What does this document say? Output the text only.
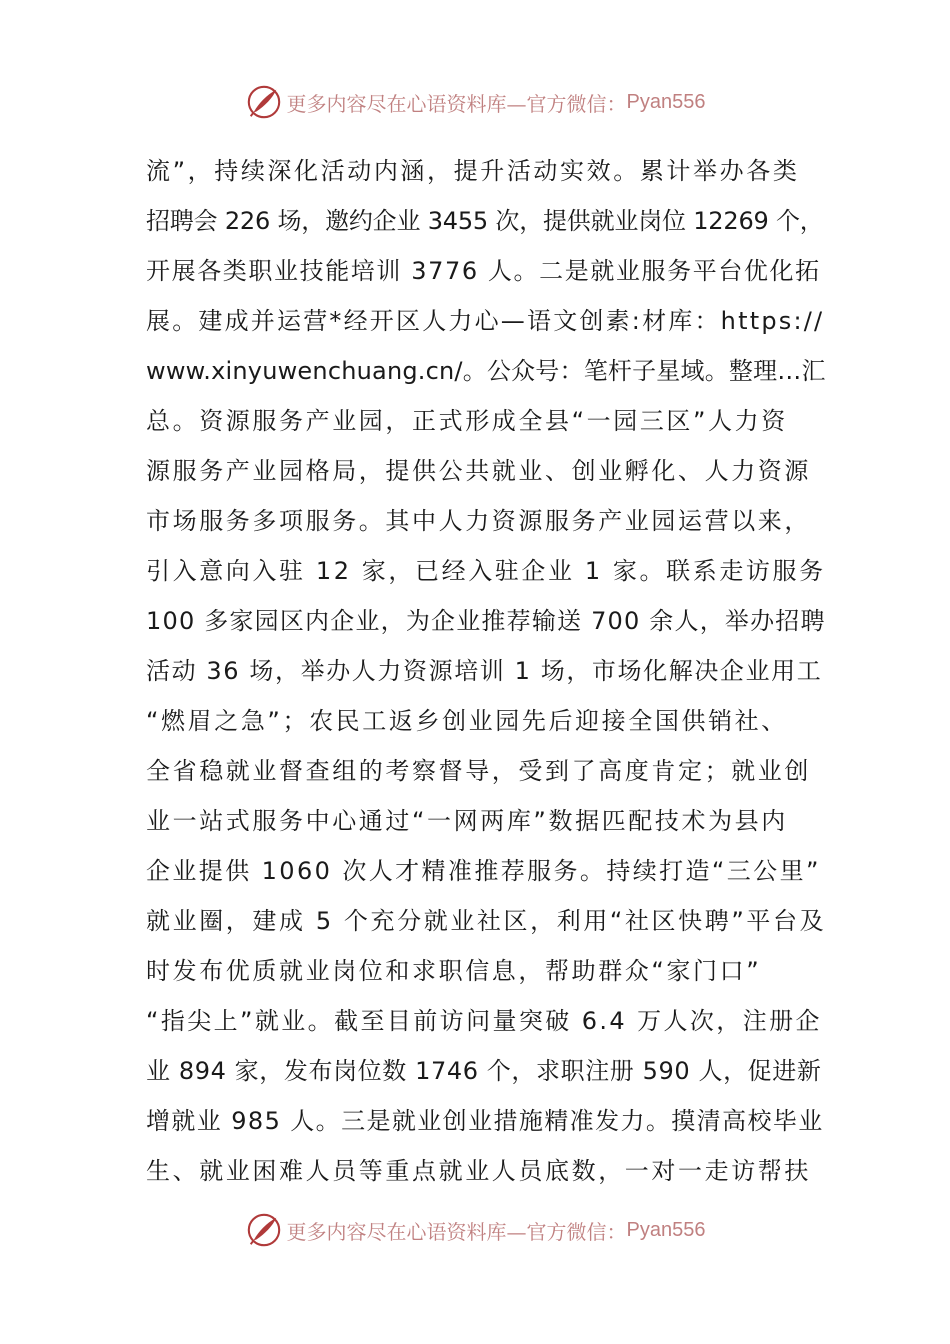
更多内容尽在心语资料库—官方微信： Pyan556
流”，持续深化活动内涵，提升活动实效。累计举办各类
招聘会 226 场，邀约企业 3455 次，提供就业岗位 12269 个，
开展各类职业技能培训 3776 人。二是就业服务平台优化拓
展。建成并运营*经开区人力心—语文创素:材库：https://
www.xinyuwenchuang.cn/。公众号：笔杆子星域。整理…汇
总。资源服务产业园，正式形成全县“一园三区”人力资
源服务产业园格局，提供公共就业、创业孵化、人力资源
市场服务多项服务。其中人力资源服务产业园运营以来，
引入意向入驻 12 家，已经入驻企业 1 家。联系走访服务
100 多家园区内企业，为企业推荐输送 700 余人，举办招聘
活动 36 场，举办人力资源培训 1 场，市场化解决企业用工
“燃眉之急”；农民工返乡创业园先后迎接全国供销社、
全省稳就业督查组的考察督导，受到了高度肯定；就业创
业一站式服务中心通过“一网两库”数据匹配技术为县内
企业提供 1060 次人才精准推荐服务。持续打造“三公里”
就业圈，建成 5 个充分就业社区，利用“社区快聘”平台及
时发布优质就业岗位和求职信息，帮助群众“家门口”
“指尖上”就业。截至目前访问量突破 6.4 万人次，注册企
业 894 家，发布岗位数 1746 个，求职注册 590 人，促进新
增就业 985 人。三是就业创业措施精准发力。摸清高校毕业
生、就业困难人员等重点就业人员底数，一对一走访帮扶
更多内容尽在心语资料库—官方微信： Pyan556
